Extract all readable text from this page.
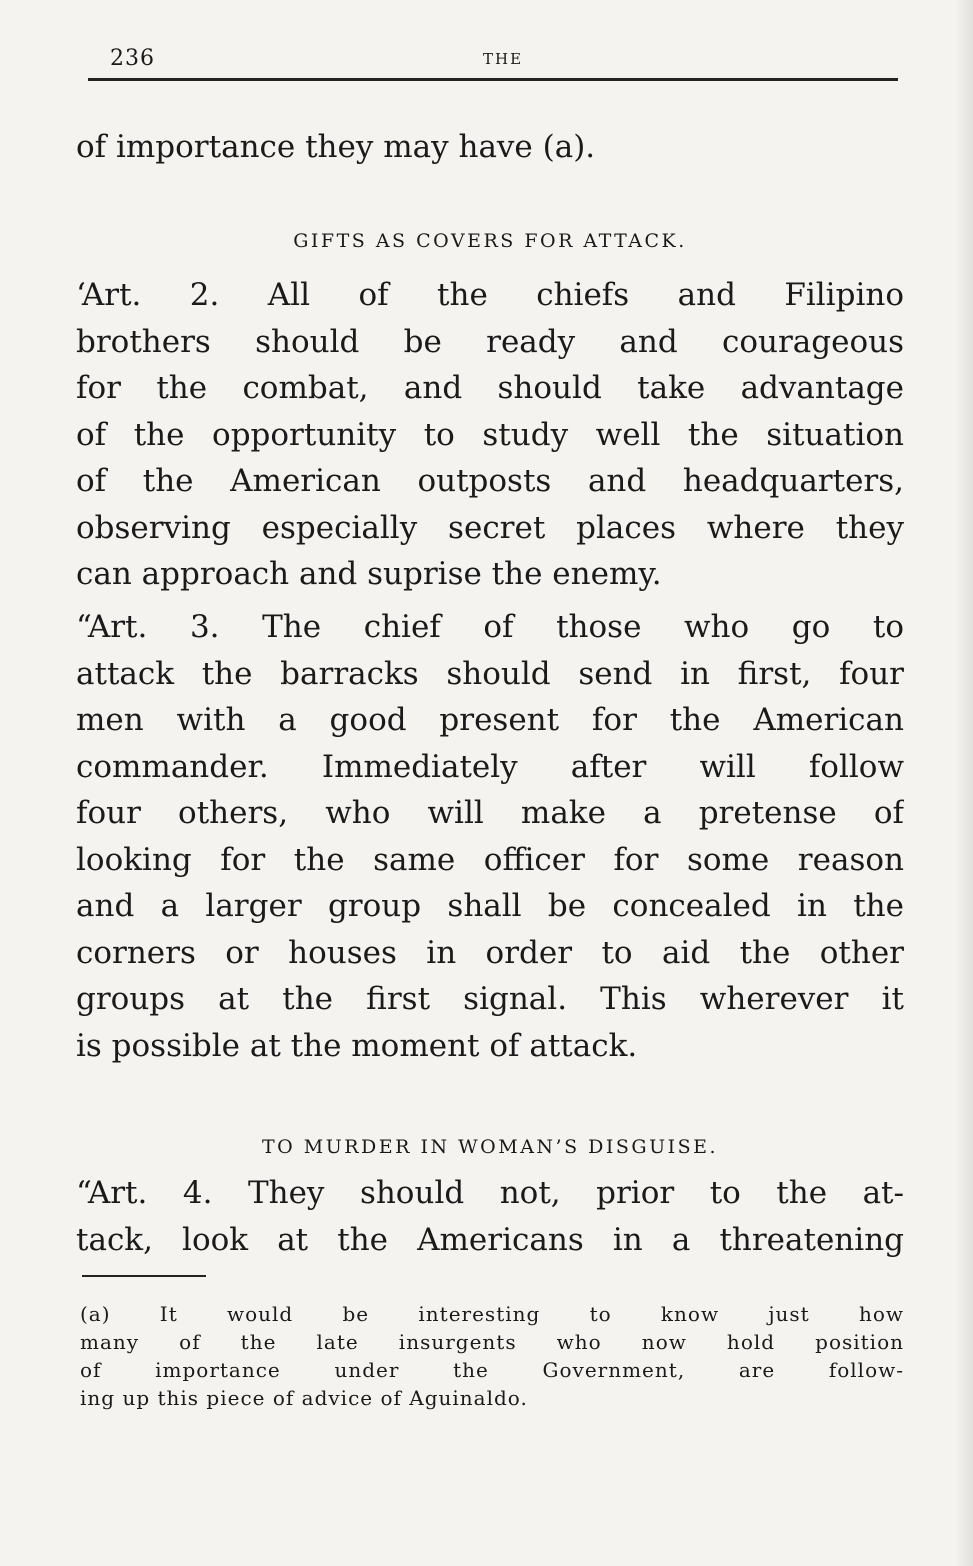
236	THE

of importance they may have (a).

GIFTS AS COVERS FOR ATTACK.

‘Art. 2. All of the chiefs and Filipino
brothers should be ready and courageous
for the combat, and should take advantage
of the opportunity to study well the situation
of the American outposts and headquarters,
observing especially secret places where they
can approach and suprise the enemy.

“Art. 3. The chief of those who go to
attack the barracks should send in first, four
men with a good present for the American
commander. Immediately after will follow
four others, who will make a pretense of
looking for the same officer for some reason
and a larger group shall be concealed in the
corners or houses in order to aid the other
groups at the first signal. This wherever it
is possible at the moment of attack.

TO MURDER IN WOMAN’S DISGUISE.

“Art. 4. They should not, prior to the at-
tack, look at the Americans in a threatening

(a) It would be interesting to know just how
many of the late insurgents who now hold position
of importance under the Government, are follow-
ing up this piece of advice of Aguinaldo.
